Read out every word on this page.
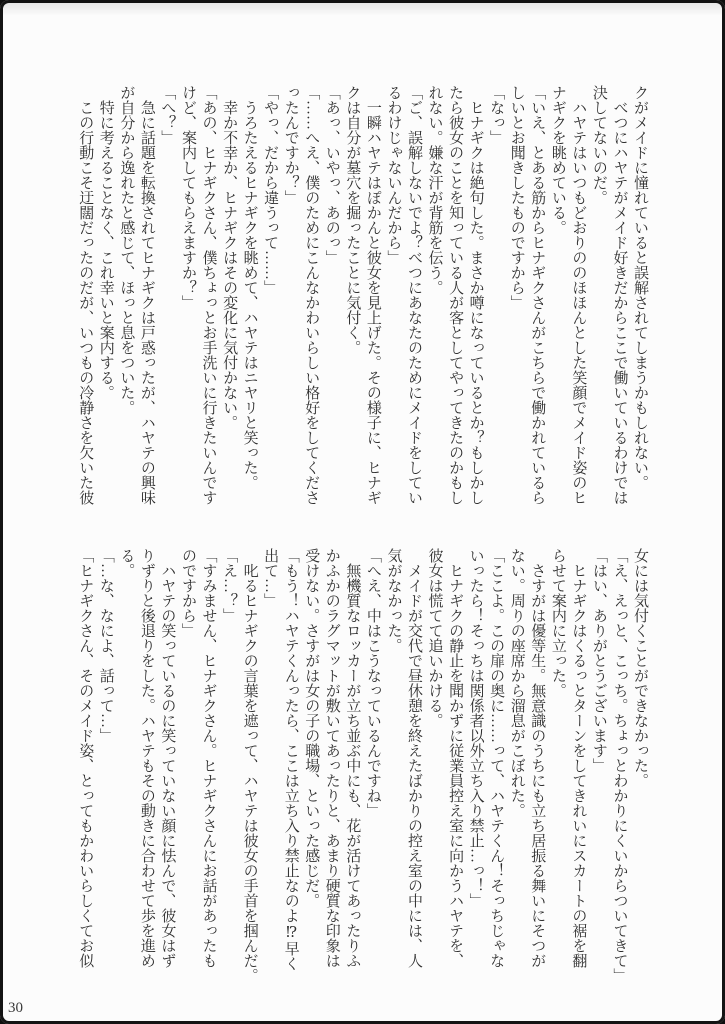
クがメイドに憧れていると誤解されてしまうかもしれない。
　べつにハヤテがメイド好きだからここで働いているわけでは
決してないのだ。
　ハヤテはいつもどおりののほほんとした笑顔でメイド姿のヒ
ナギクを眺めている。
「いえ、とある筋からヒナギクさんがこちらで働かれているら
しいとお聞きしたものですから」
「なっ」
　ヒナギクは絶句した。まさか噂になっているとか？もしかし
たら彼女のことを知っている人が客としてやってきたのかもし
れない。嫌な汗が背筋を伝う。
「ご、誤解しないでよ？べつにあなたのためにメイドをしてい
るわけじゃないんだから」
　一瞬ハヤテはぽかんと彼女を見上げた。その様子に、ヒナギ
クは自分が墓穴を掘ったことに気付く。
「あっ、いやっ、あのっ」
「……へえ、僕のためにこんなかわいらしい格好をしてくださ
ったんですか？」
「やっ、だから違うって……」
　うろたえるヒナギクを眺めて、ハヤテはニヤリと笑った。
　幸か不幸か、ヒナギクはその変化に気付かない。
「あの、ヒナギクさん、僕ちょっとお手洗いに行きたいんです
けど、案内してもらえますか？」
「へ？」
　急に話題を転換されてヒナギクは戸惑ったが、ハヤテの興味
が自分から逸れたと感じて、ほっと息をついた。
　特に考えることなく、これ幸いと案内する。
　この行動こそ迂闊だったのだが、いつもの冷静さを欠いた彼
女には気付くことができなかった。
「え、えっと、こっち。ちょっとわかりにくいからついてきて」
「はい、ありがとうございます」
　ヒナギクはくるっとターンをしてきれいにスカートの裾を翻
らせて案内に立った。
　さすがは優等生。無意識のうちにも立ち居振る舞いにそつが
ない。周りの座席から溜息がこぼれた。
「ここよ。この扉の奥に……って、ハヤテくん！そっちじゃな
いったら！そっちは関係者以外立ち入り禁止…っ！」
　ヒナギクの静止を聞かずに従業員控え室に向かうハヤテを、
彼女は慌てて追いかける。
　メイドが交代で昼休憩を終えたばかりの控え室の中には、人
気がなかった。
「へえ、中はこうなっているんですね」
　無機質なロッカーが立ち並ぶ中にも、花が活けてあったりふ
かふかのラグマットが敷いてあったりと、あまり硬質な印象は
受けない。さすがは女の子の職場、といった感じだ。
「もう！ハヤテくんったら、ここは立ち入り禁止なのよ⁉早く
出て…」
　叱るヒナギクの言葉を遮って、ハヤテは彼女の手首を掴んだ。
「え…？」
「すみません、ヒナギクさん。ヒナギクさんにお話があったも
のですから」
　ハヤテの笑っているのに笑っていない顔に怯んで、彼女はず
りずりと後退りをした。ハヤテもその動きに合わせて歩を進め
る。
「…な、なによ、話って…」
「ヒナギクさん、そのメイド姿、とってもかわいらしくてお似
30
